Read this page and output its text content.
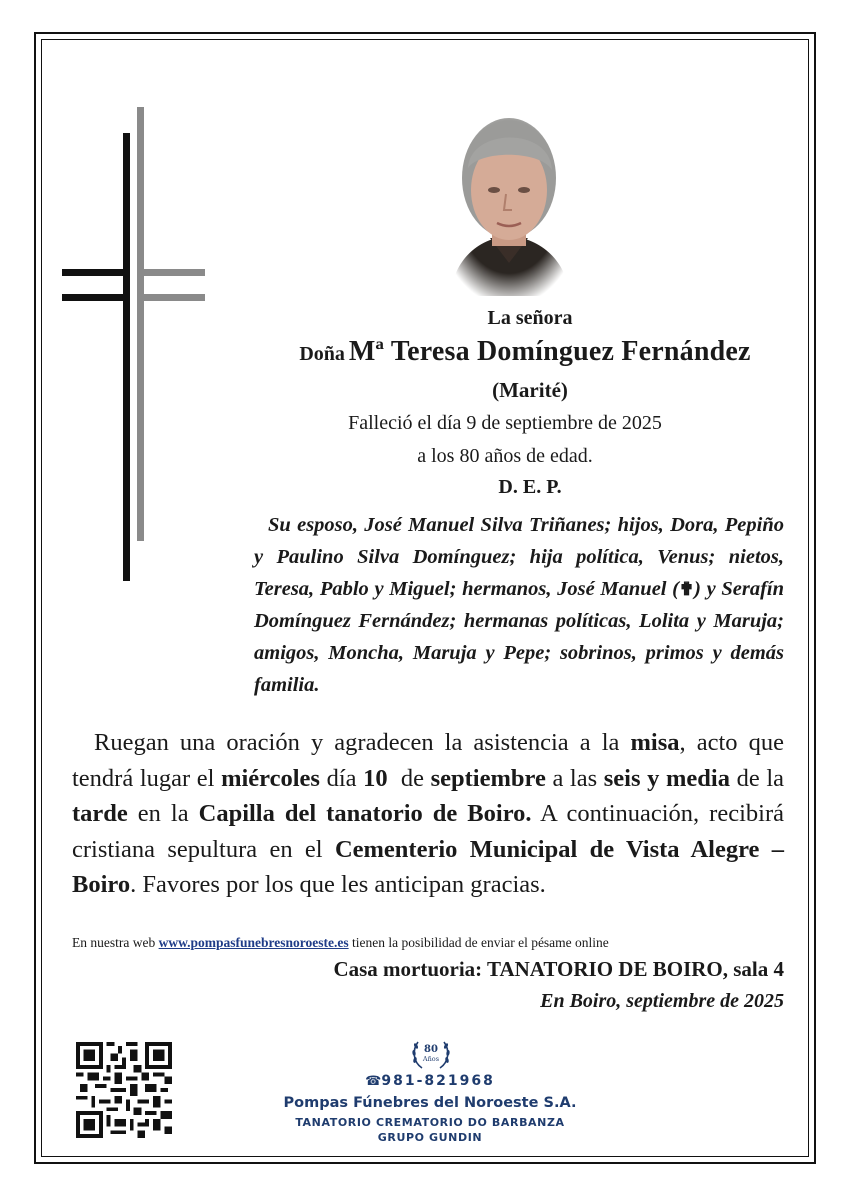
La señora
Doña Mª Teresa Domínguez Fernández
(Marité)
Falleció el día 9 de septiembre de 2025
a los 80 años de edad.
D. E. P.
Su esposo, José Manuel Silva Triñanes; hijos, Dora, Pepiño y Paulino Silva Domínguez; hija política, Venus; nietos, Teresa, Pablo y Miguel; hermanos, José Manuel (✟) y Serafín Domínguez Fernández; hermanas políticas, Lolita y Maruja; amigos, Moncha, Maruja y Pepe; sobrinos, primos y demás familia.
Ruegan una oración y agradecen la asistencia a la misa, acto que tendrá lugar el miércoles día 10  de septiembre a las seis y media de la tarde en la Capilla del tanatorio de Boiro. A continuación, recibirá cristiana sepultura en el Cementerio Municipal de Vista Alegre – Boiro. Favores por los que les anticipan gracias.
En nuestra web www.pompasfunebresnoroeste.es tienen la posibilidad de enviar el pésame online
Casa mortuoria: TANATORIO DE BOIRO, sala 4
En Boiro, septiembre de 2025
80
Años
☎981-821968
Pompas Fúnebres del Noroeste S.A.
TANATORIO CREMATORIO DO BARBANZA
GRUPO GUNDIN
